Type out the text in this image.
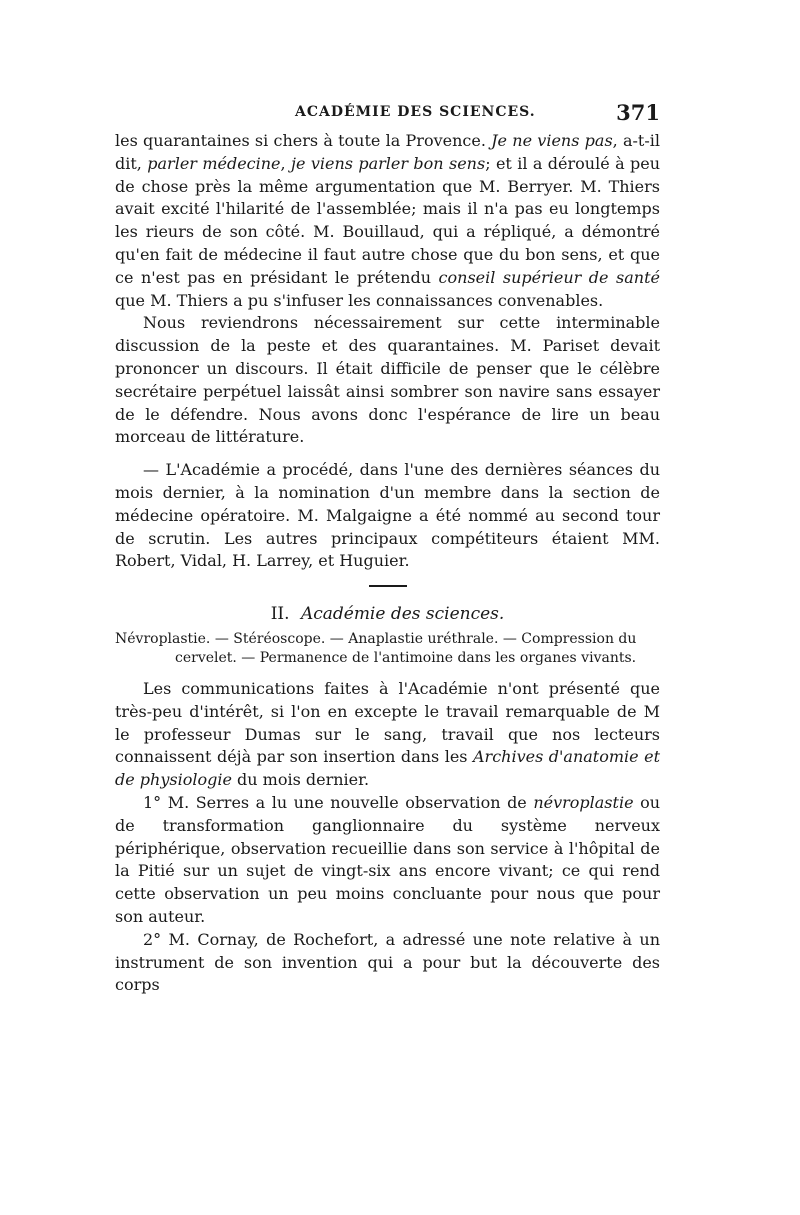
ACADÉMIE DES SCIENCES.	371

les quarantaines si chers à toute la Provence. Je ne viens pas, a-t-il dit, parler médecine, je viens parler bon sens; et il a déroulé à peu de chose près la même argumentation que M. Berryer. M. Thiers avait excité l'hilarité de l'assemblée; mais il n'a pas eu longtemps les rieurs de son côté. M. Bouillaud, qui a répliqué, a démontré qu'en fait de médecine il faut autre chose que du bon sens, et que ce n'est pas en présidant le prétendu conseil supérieur de santé que M. Thiers a pu s'infuser les connaissances convenables.

Nous reviendrons nécessairement sur cette interminable discussion de la peste et des quarantaines. M. Pariset devait prononcer un discours. Il était difficile de penser que le célèbre secrétaire perpétuel laissât ainsi sombrer son navire sans essayer de le défendre. Nous avons donc l'espérance de lire un beau morceau de littérature.

— L'Académie a procédé, dans l'une des dernières séances du mois dernier, à la nomination d'un membre dans la section de médecine opératoire. M. Malgaigne a été nommé au second tour de scrutin. Les autres principaux compétiteurs étaient MM. Robert, Vidal, H. Larrey, et Huguier.

II. Académie des sciences.

Névroplastie. — Stéréoscope. — Anaplastie uréthrale. — Compression du
cervelet. — Permanence de l'antimoine dans les organes vivants.

Les communications faites à l'Académie n'ont présenté que très-peu d'intérêt, si l'on en excepte le travail remarquable de M le professeur Dumas sur le sang, travail que nos lecteurs connaissent déjà par son insertion dans les Archives d'anatomie et de physiologie du mois dernier.

1° M. Serres a lu une nouvelle observation de névroplastie ou de transformation ganglionnaire du système nerveux périphérique, observation recueillie dans son service à l'hôpital de la Pitié sur un sujet de vingt-six ans encore vivant; ce qui rend cette observation un peu moins concluante pour nous que pour son auteur.

2° M. Cornay, de Rochefort, a adressé une note relative à un instrument de son invention qui a pour but la découverte des corps
